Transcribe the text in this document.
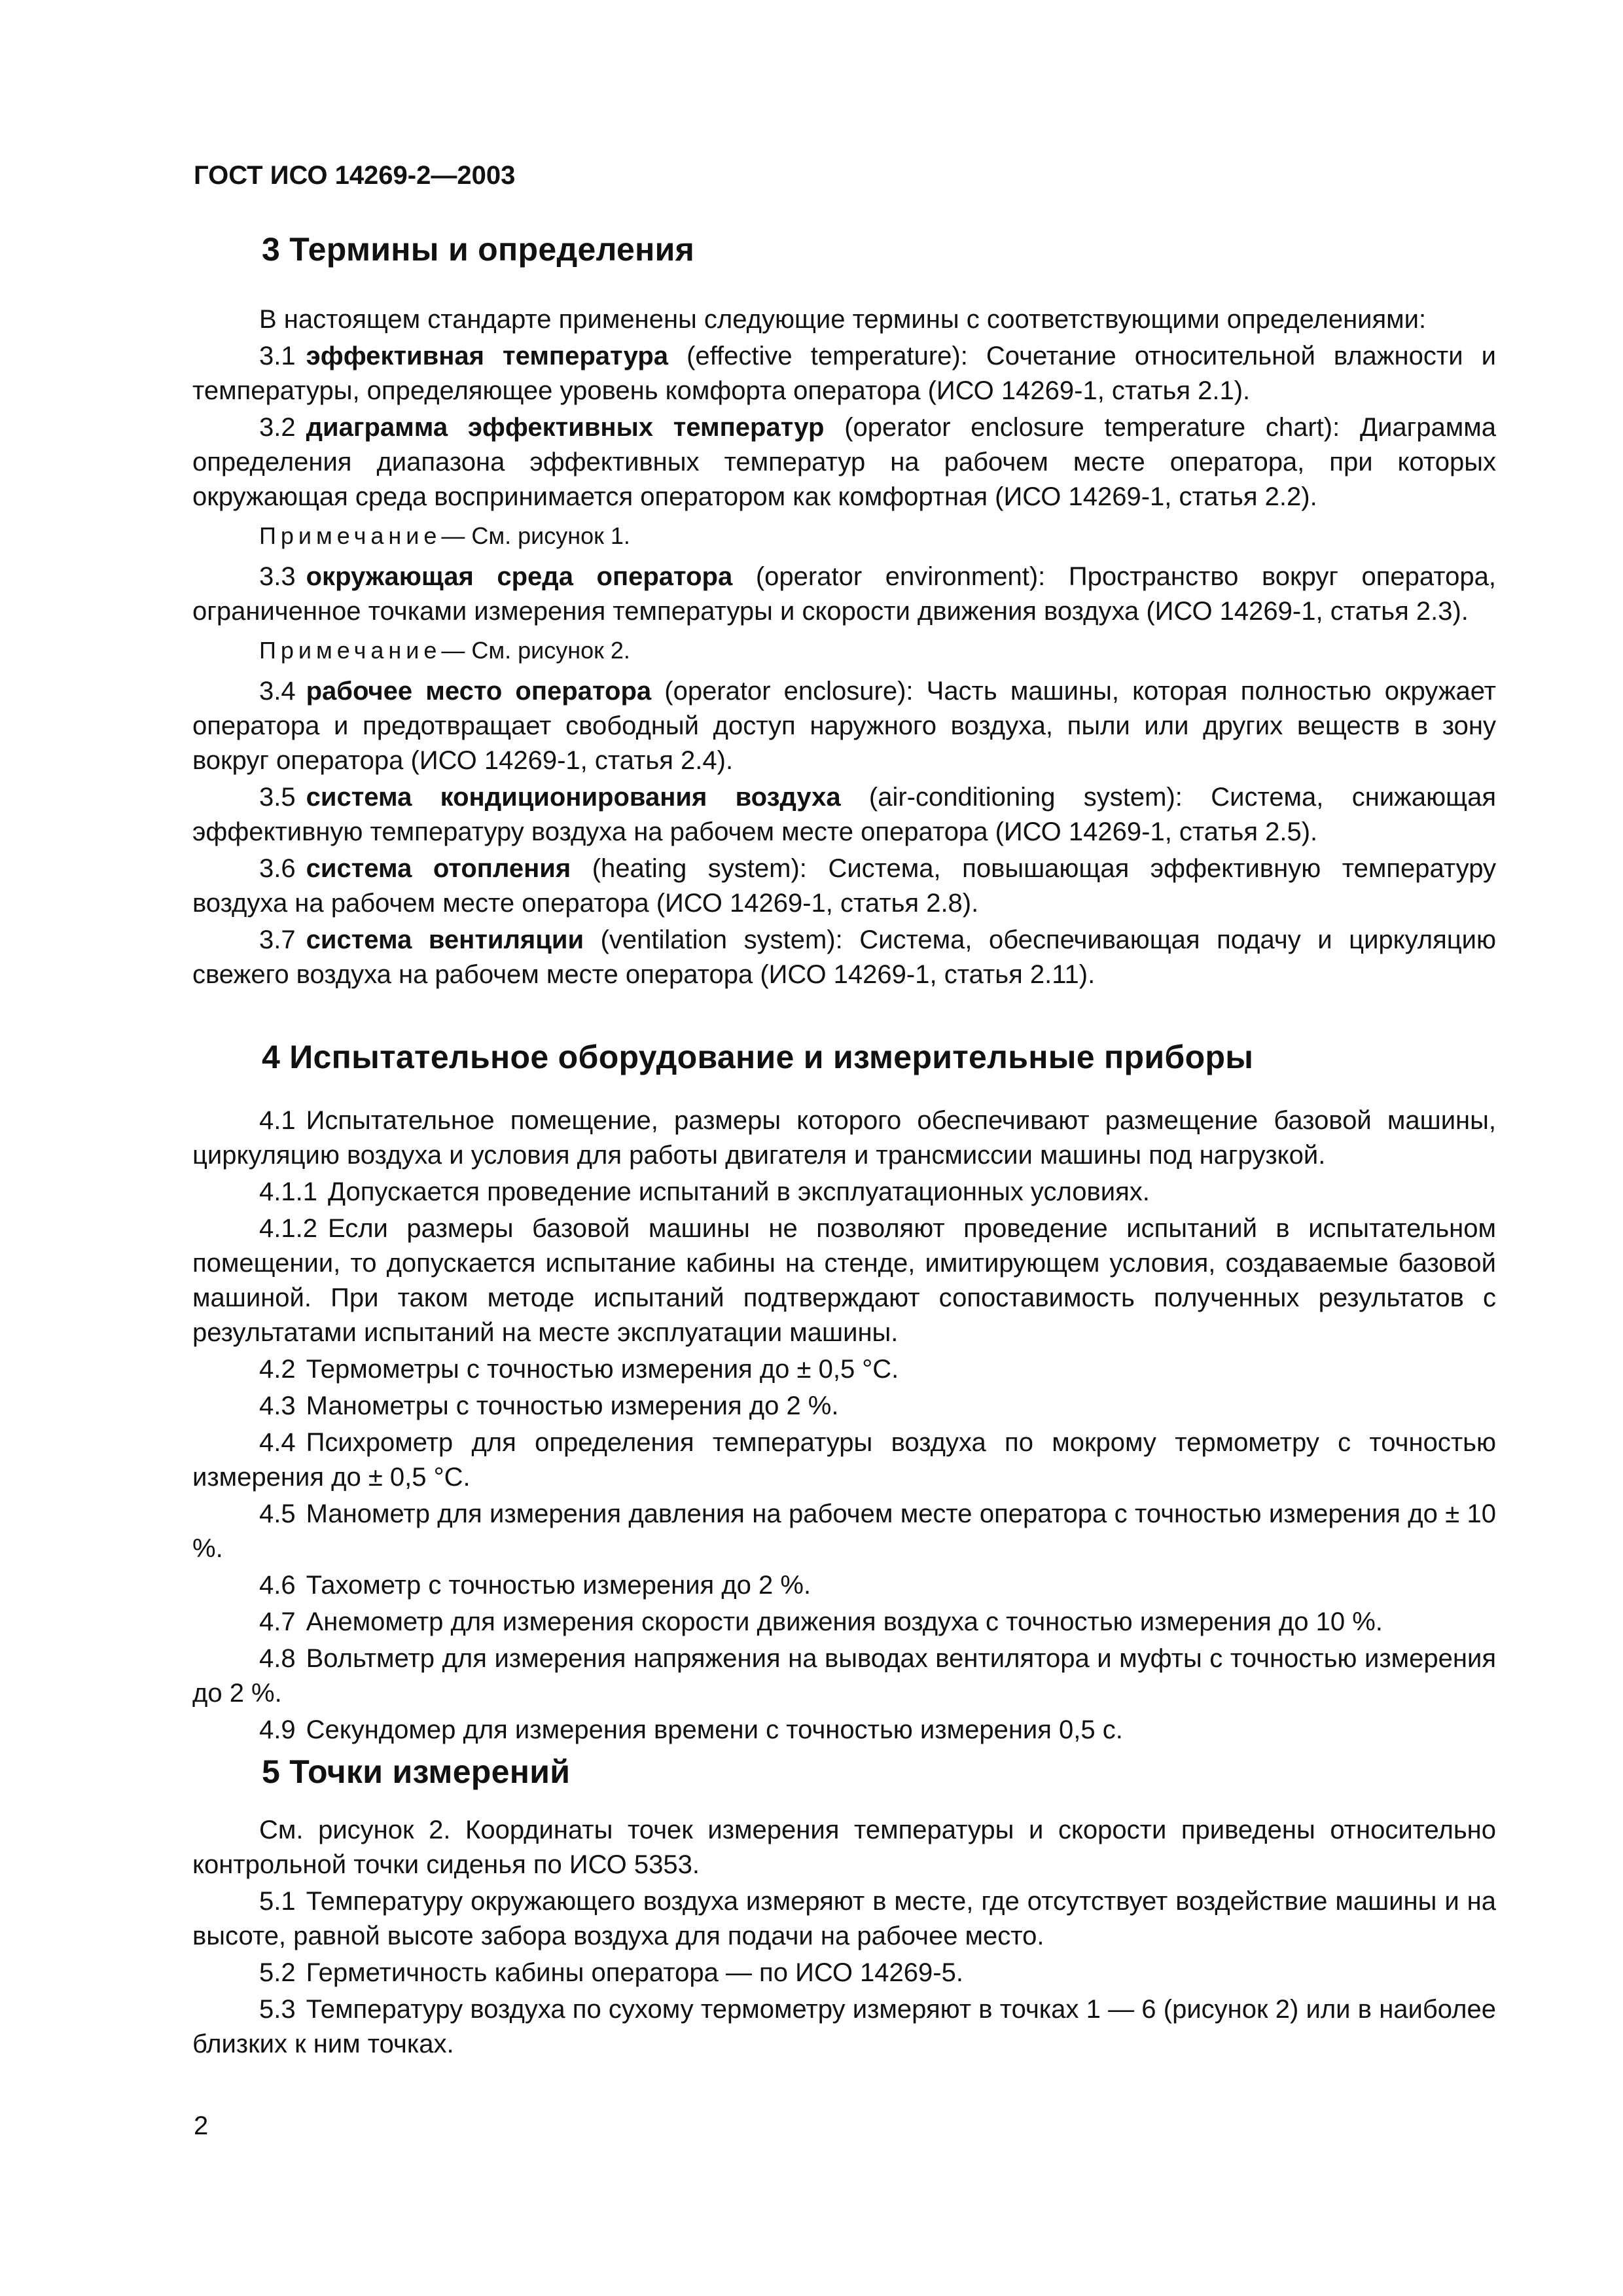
ГОСТ ИСО 14269-2—2003
3 Термины и определения

В настоящем стандарте применены следующие термины с соответствующими определениями:

3.1 эффективная температура (effective temperature): Сочетание относительной влажности и температуры, определяющее уровень комфорта оператора (ИСО 14269-1, статья 2.1).

3.2 диаграмма эффективных температур (operator enclosure temperature chart): Диаграмма определения диапазона эффективных температур на рабочем месте оператора, при которых окружающая среда воспринимается оператором как комфортная (ИСО 14269-1, статья 2.2).

Примечание— См. рисунок 1.

3.3 окружающая среда оператора (operator environment): Пространство вокруг оператора, ограниченное точками измерения температуры и скорости движения воздуха (ИСО 14269-1, статья 2.3).

Примечание— См. рисунок 2.

3.4 рабочее место оператора (operator enclosure): Часть машины, которая полностью окружает оператора и предотвращает свободный доступ наружного воздуха, пыли или других веществ в зону вокруг оператора (ИСО 14269-1, статья 2.4).

3.5 система кондиционирования воздуха (air-conditioning system): Система, снижающая эффективную температуру воздуха на рабочем месте оператора (ИСО 14269-1, статья 2.5).

3.6 система отопления (heating system): Система, повышающая эффективную температуру воздуха на рабочем месте оператора (ИСО 14269-1, статья 2.8).

3.7 система вентиляции (ventilation system): Система, обеспечивающая подачу и циркуляцию свежего воздуха на рабочем месте оператора (ИСО 14269-1, статья 2.11).

4 Испытательное оборудование и измерительные приборы

4.1 Испытательное помещение, размеры которого обеспечивают размещение базовой машины, циркуляцию воздуха и условия для работы двигателя и трансмиссии машины под нагрузкой.

4.1.1 Допускается проведение испытаний в эксплуатационных условиях.

4.1.2 Если размеры базовой машины не позволяют проведение испытаний в испытательном помещении, то допускается испытание кабины на стенде, имитирующем условия, создаваемые базовой машиной. При таком методе испытаний подтверждают сопоставимость полученных результатов с результатами испытаний на месте эксплуатации машины.

4.2 Термометры с точностью измерения до ± 0,5 °С.

4.3 Манометры с точностью измерения до 2 %.

4.4 Психрометр для определения температуры воздуха по мокрому термометру с точностью измерения до ± 0,5 °С.

4.5 Манометр для измерения давления на рабочем месте оператора с точностью измерения до ± 10 %.

4.6 Тахометр с точностью измерения до 2 %.

4.7 Анемометр для измерения скорости движения воздуха с точностью измерения до 10 %.

4.8 Вольтметр для измерения напряжения на выводах вентилятора и муфты с точностью измерения до 2 %.

4.9 Секундомер для измерения времени с точностью измерения 0,5 с.

5 Точки измерений

См. рисунок 2. Координаты точек измерения температуры и скорости приведены относительно контрольной точки сиденья по ИСО 5353.

5.1 Температуру окружающего воздуха измеряют в месте, где отсутствует воздействие машины и на высоте, равной высоте забора воздуха для подачи на рабочее место.

5.2 Герметичность кабины оператора — по ИСО 14269-5.

5.3 Температуру воздуха по сухому термометру измеряют в точках 1 — 6 (рисунок 2) или в наиболее близких к ним точках.

2
